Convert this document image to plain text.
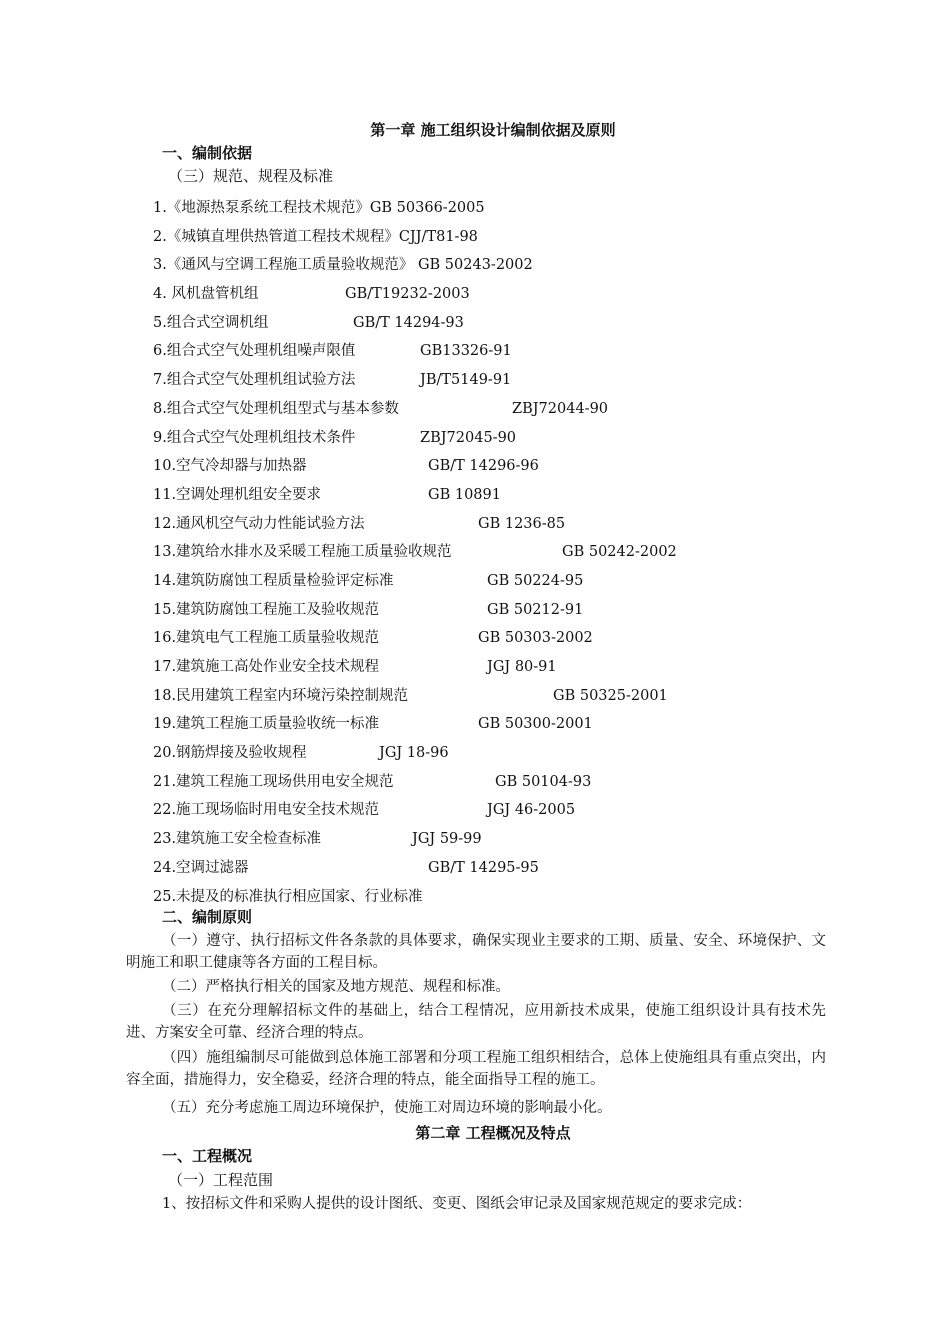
第一章 施工组织设计编制依据及原则
一、编制依据
（三）规范、规程及标准
1.《地源热泵系统工程技术规范》GB 50366-2005
2.《城镇直埋供热管道工程技术规程》CJJ/T81-98
3.《通风与空调工程施工质量验收规范》 GB 50243-2002
4. 风机盘管机组	GB/T19232-2003
5.组合式空调机组	GB/T 14294-93
6.组合式空气处理机组噪声限值	GB13326-91
7.组合式空气处理机组试验方法	JB/T5149-91
8.组合式空气处理机组型式与基本参数	ZBJ72044-90
9.组合式空气处理机组技术条件	ZBJ72045-90
10.空气冷却器与加热器	GB/T 14296-96
11.空调处理机组安全要求	GB 10891
12.通风机空气动力性能试验方法	GB 1236-85
13.建筑给水排水及采暖工程施工质量验收规范	GB 50242-2002
14.建筑防腐蚀工程质量检验评定标准	GB 50224-95
15.建筑防腐蚀工程施工及验收规范	GB 50212-91
16.建筑电气工程施工质量验收规范	GB 50303-2002
17.建筑施工高处作业安全技术规程	JGJ 80-91
18.民用建筑工程室内环境污染控制规范	GB 50325-2001
19.建筑工程施工质量验收统一标准	GB 50300-2001
20.钢筋焊接及验收规程	JGJ 18-96
21.建筑工程施工现场供用电安全规范	GB 50104-93
22.施工现场临时用电安全技术规范	JGJ 46-2005
23.建筑施工安全检查标准	JGJ 59-99
24.空调过滤器	GB/T 14295-95
25.未提及的标准执行相应国家、行业标准
二、编制原则
（一）遵守、执行招标文件各条款的具体要求，确保实现业主要求的工期、质量、安全、环境保护、文明施工和职工健康等各方面的工程目标。
（二）严格执行相关的国家及地方规范、规程和标准。
（三）在充分理解招标文件的基础上，结合工程情况，应用新技术成果，使施工组织设计具有技术先进、方案安全可靠、经济合理的特点。
（四）施组编制尽可能做到总体施工部署和分项工程施工组织相结合，总体上使施组具有重点突出，内容全面，措施得力，安全稳妥，经济合理的特点，能全面指导工程的施工。
（五）充分考虑施工周边环境保护，使施工对周边环境的影响最小化。
第二章 工程概况及特点
一、工程概况
（一）工程范围
1、按招标文件和采购人提供的设计图纸、变更、图纸会审记录及国家规范规定的要求完成：
